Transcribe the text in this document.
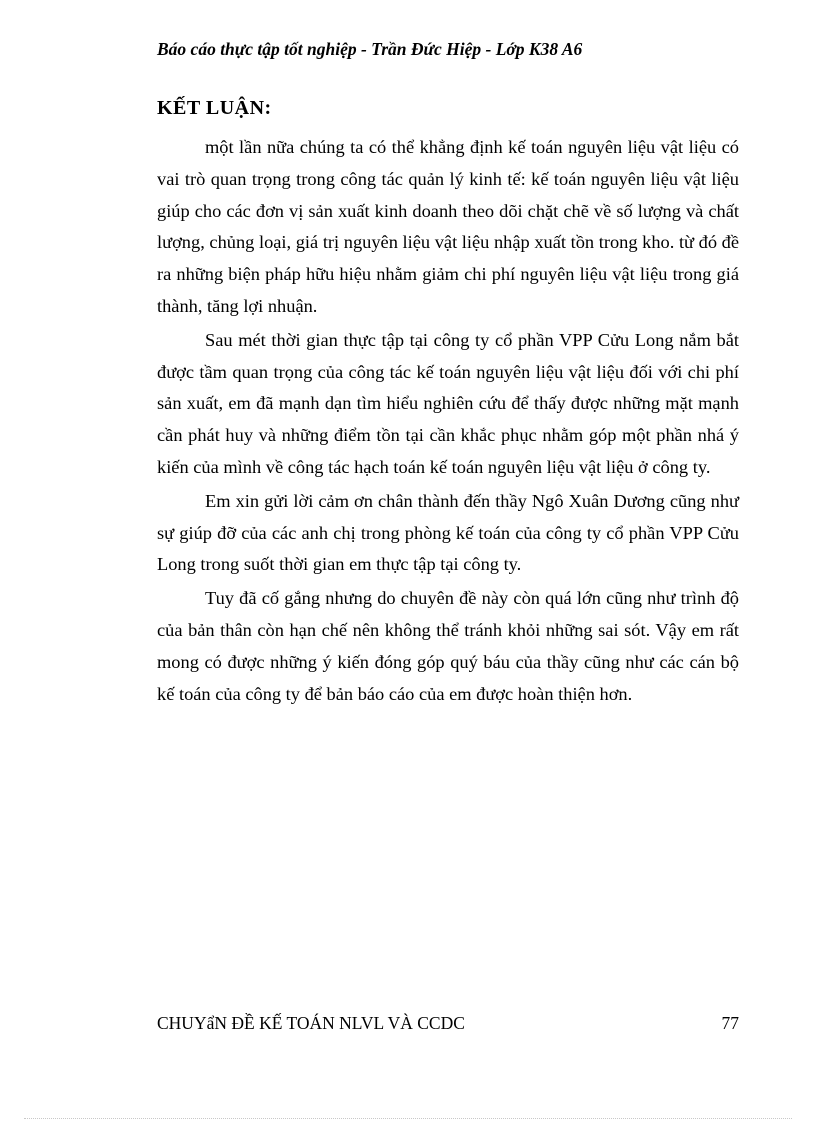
Báo cáo thực tập tốt nghiệp - Trần Đức Hiệp - Lớp K38 A6
KẾT LUẬN:

một lần nữa chúng ta có thể khẳng định kế toán nguyên liệu vật liệu có vai trò quan trọng trong công tác quản lý kinh tế: kế toán nguyên liệu vật liệu giúp cho các đơn vị sản xuất kinh doanh theo dõi chặt chẽ về số lượng và chất lượng, chủng loại, giá trị nguyên liệu vật liệu nhập xuất tồn trong kho. từ đó đề ra những biện pháp hữu hiệu nhằm giảm chi phí nguyên liệu vật liệu trong giá thành, tăng lợi nhuận.

Sau mét thời gian thực tập tại công ty cổ phần VPP Cửu Long nắm bắt được tầm quan trọng của công tác kế toán nguyên liệu vật liệu đối với chi phí sản xuất, em đã mạnh dạn tìm hiểu nghiên cứu để thấy được những mặt mạnh cần phát huy và những điểm tồn tại cần khắc phục nhằm góp một phần nhá ý kiến của mình về công tác hạch toán kế toán nguyên liệu vật liệu ở công ty.

Em xin gửi lời cảm ơn chân thành đến thầy Ngô Xuân Dương cũng như sự giúp đỡ của các anh chị trong phòng kế toán của công ty cổ phần VPP Cửu Long trong suốt thời gian em thực tập tại công ty.

Tuy đã cố gắng nhưng do chuyên đề này còn quá lớn cũng như trình độ của bản thân còn hạn chế nên không thể tránh khỏi những sai sót. Vậy em rất mong có được những ý kiến đóng góp quý báu của thầy cũng như các cán bộ kế toán của công ty để bản báo cáo của em được hoàn thiện hơn.

CHUYẩN ĐỀ KẾ TOÁN NLVL VÀ CCDC	77
